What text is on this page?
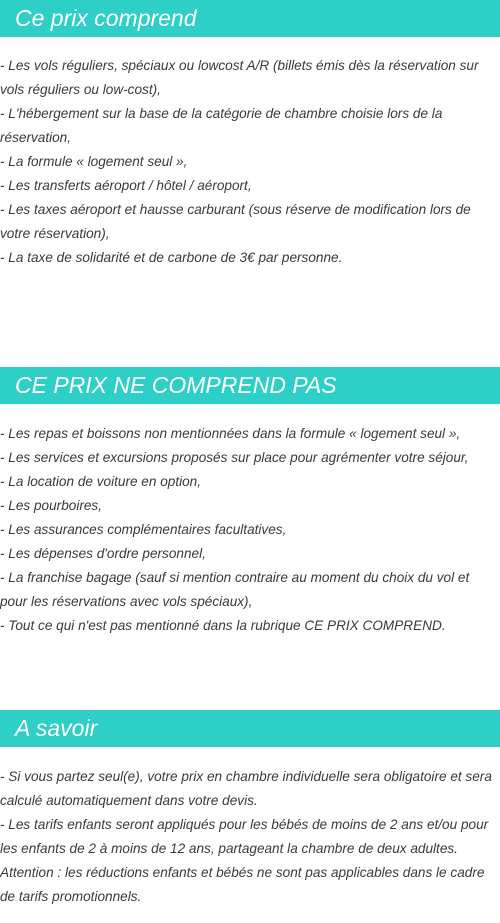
Ce prix comprend
- Les vols réguliers, spéciaux ou lowcost A/R (billets émis dès la réservation sur vols réguliers ou low-cost),
- L'hébergement sur la base de la catégorie de chambre choisie lors de la réservation,
- La formule « logement seul »,
- Les transferts aéroport / hôtel / aéroport,
- Les taxes aéroport et hausse carburant (sous réserve de modification lors de votre réservation),
- La taxe de solidarité et de carbone de 3€ par personne.
CE PRIX NE COMPREND PAS
- Les repas et boissons non mentionnées dans la formule « logement seul »,
- Les services et excursions proposés sur place pour agrémenter votre séjour,
- La location de voiture en option,
- Les pourboires,
- Les assurances complémentaires facultatives,
- Les dépenses d'ordre personnel,
- La franchise bagage (sauf si mention contraire au moment du choix du vol et pour les réservations avec vols spéciaux),
- Tout ce qui n'est pas mentionné dans la rubrique CE PRIX COMPREND.
A savoir
- Si vous partez seul(e), votre prix en chambre individuelle sera obligatoire et sera calculé automatiquement dans votre devis.
- Les tarifs enfants seront appliqués pour les bébés de moins de 2 ans et/ou pour les enfants de 2 à moins de 12 ans, partageant la chambre de deux adultes.
Attention : les réductions enfants et bébés ne sont pas applicables dans le cadre de tarifs promotionnels.
